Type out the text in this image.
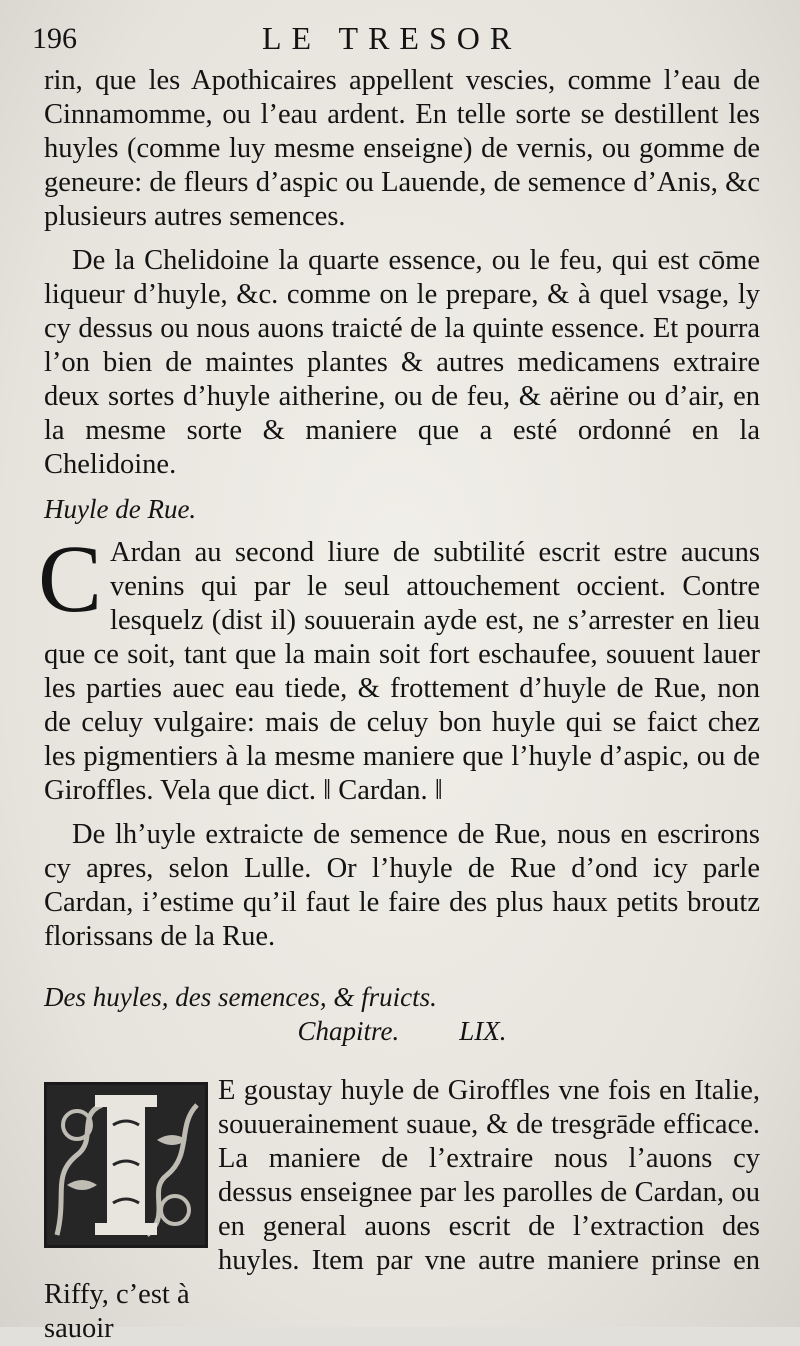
196	LE TRESOR

rin, que les Apothicaires appellent vescies, comme l’eau de Cinnamomme, ou l’eau ardent. En telle sorte se destillent les huyles (comme luy mesme enseigne) de vernis, ou gomme de geneure: de fleurs d’aspic ou Lauende, de semence d’Anis, &c plusieurs autres semences.

De la Chelidoine la quarte essence, ou le feu, qui est cōme liqueur d’huyle, &c. comme on le prepare, & à quel vsage, ly cy dessus ou nous auons traicté de la quinte essence. Et pourra l’on bien de maintes plantes & autres medicamens extraire deux sortes d’huyle aitherine, ou de feu, & aërine ou d’air, en la mesme sorte & maniere que a esté ordonné en la Chelidoine.

Huyle de Rue.

C Ardan au second liure de subtilité escrit estre aucuns venins qui par le seul attouchement occient. Contre lesquelz (dist il) souuerain ayde est, ne s’arrester en lieu que ce soit, tant que la main soit fort eschaufee, souuent lauer les parties auec eau tiede, & frottement d’huyle de Rue, non de celuy vulgaire: mais de celuy bon huyle qui se faict chez les pigmentiers à la mesme maniere que l’huyle d’aspic, ou de Giroffles. Vela que dict. ‖ Cardan. ‖

De lh’uyle extraicte de semence de Rue, nous en escrirons cy apres, selon Lulle. Or l’huyle de Rue d’ond icy parle Cardan, i’estime qu’il faut le faire des plus haux petits broutz florissans de la Rue.

Des huyles, des semences, & fruicts.

Chapitre. LIX.

E goustay huyle de Giroffles vne fois en Italie, souuerainement suaue, & de tresgrāde efficace. La maniere de l’extraire nous l’auons cy dessus enseignee par les parolles de Cardan, ou en general auons escrit de l’extraction des huyles. Item par vne autre maniere prinse en Riffy, c’est à

sauoir
